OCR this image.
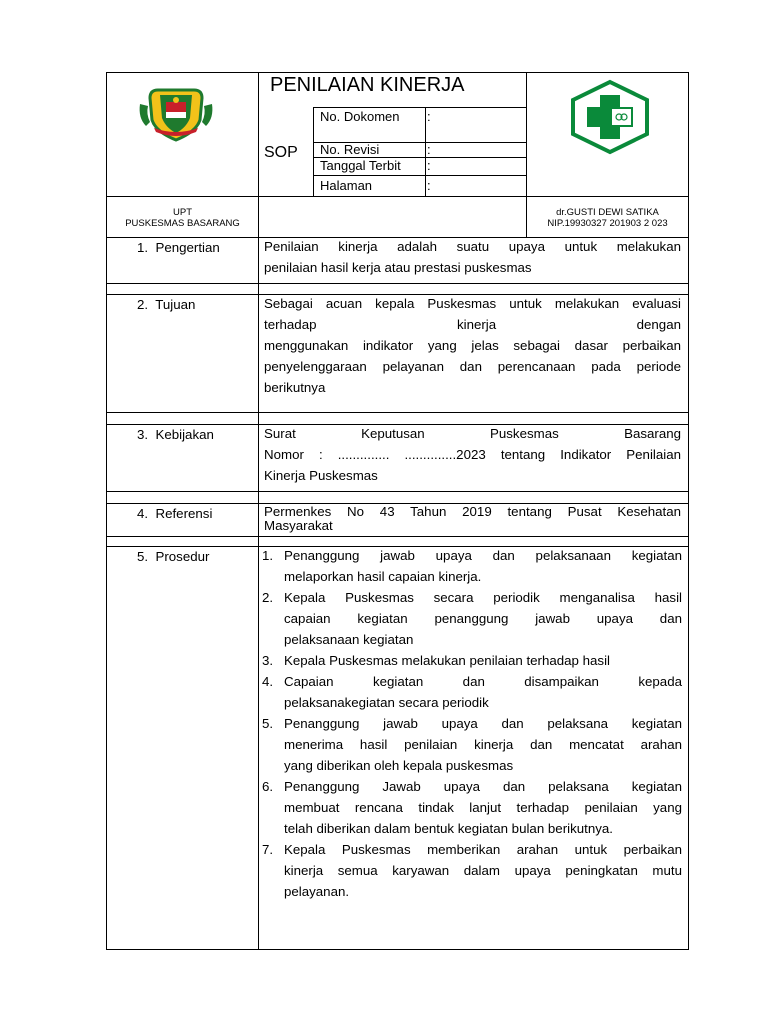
PENILAIAN KINERJA
SOP
No. Dokomen :
No. Revisi	:
Tanggal Terbit :
Halaman	:
UPT
PUSKESMAS BASARANG
dr.GUSTI DEWI SATIKA
NIP.19930327 201903 2 023
1. Pengertian	Penilaian kinerja adalah suatu upaya untuk melakukan
penilaian hasil kerja atau prestasi puskesmas
2. Tujuan	Sebagai acuan kepala Puskesmas untuk melakukan evaluasi
terhadap kinerja dengan
menggunakan indikator yang jelas sebagai dasar perbaikan
penyelenggaraan pelayanan dan perencanaan pada periode
berikutnya
3. Kebijakan	Surat Keputusan Puskesmas Basarang
Nomor : .............. ..............2023 tentang Indikator Penilaian
Kinerja Puskesmas
4. Referensi	Permenkes No 43 Tahun 2019 tentang Pusat Kesehatan
Masyarakat
5. Prosedur	1. Penanggung jawab upaya dan pelaksanaan kegiatan
melaporkan hasil capaian kinerja.
2. Kepala Puskesmas secara periodik menganalisa hasil
capaian kegiatan penanggung jawab upaya dan
pelaksanaan kegiatan
3. Kepala Puskesmas melakukan penilaian terhadap hasil
4. Capaian kegiatan dan disampaikan kepada
pelaksanakegiatan secara periodik
5. Penanggung jawab upaya dan pelaksana kegiatan
menerima hasil penilaian kinerja dan mencatat arahan
yang diberikan oleh kepala puskesmas
6. Penanggung Jawab upaya dan pelaksana kegiatan
membuat rencana tindak lanjut terhadap penilaian yang
telah diberikan dalam bentuk kegiatan bulan berikutnya.
7. Kepala Puskesmas memberikan arahan untuk perbaikan
kinerja semua karyawan dalam upaya peningkatan mutu
pelayanan.
